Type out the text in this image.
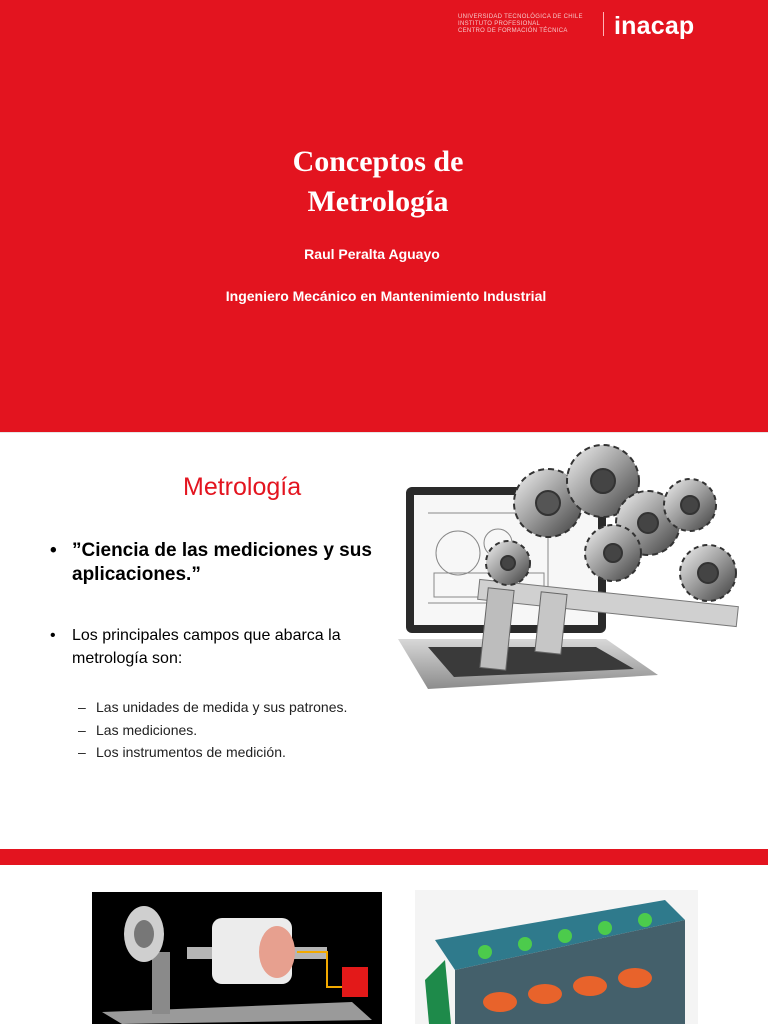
UNIVERSIDAD TECNOLÓGICA DE CHILE
INSTITUTO PROFESIONAL
CENTRO DE FORMACIÓN TÉCNICA	inacap
Conceptos de
Metrología
Raul Peralta Aguayo
Ingeniero Mecánico en Mantenimiento Industrial
Metrología
• ”Ciencia de las mediciones y sus aplicaciones.”
• Los principales campos que abarca la metrología son:
– Las unidades de medida y sus patrones.
– Las mediciones.
– Los instrumentos de medición.
